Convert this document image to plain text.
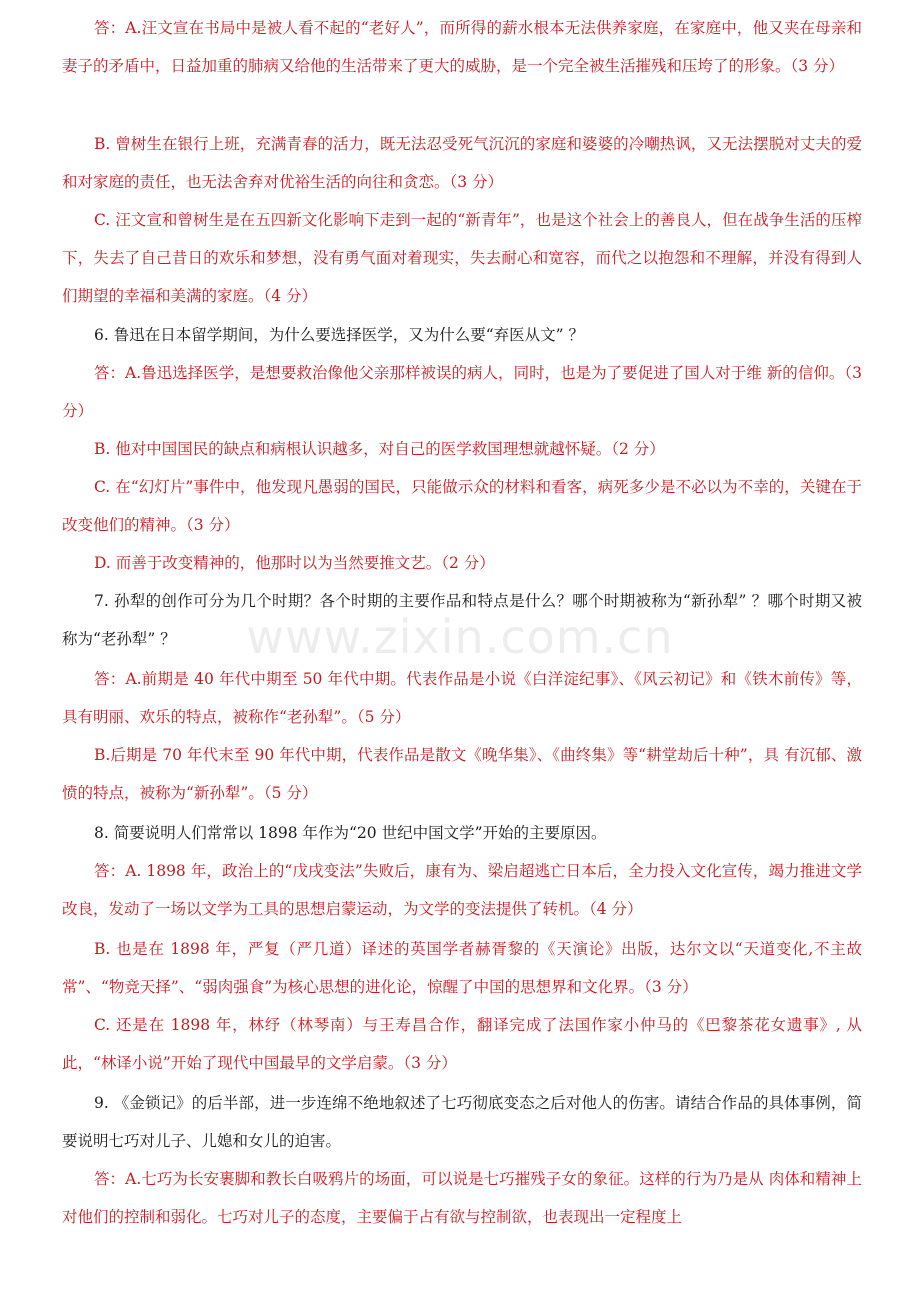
www.zixin.com.cn

答：A.汪文宣在书局中是被人看不起的“老好人”，而所得的薪水根本无法供养家庭，在家庭中，他又夹在母亲和妻子的矛盾中，日益加重的肺病又给他的生活带来了更大的威胁，是一个完全被生活摧残和压垮了的形象。（3 分）

B. 曾树生在银行上班，充满青春的活力，既无法忍受死气沉沉的家庭和婆婆的冷嘲热讽，又无法摆脱对丈夫的爱和对家庭的责任，也无法舍弃对优裕生活的向往和贪恋。（3 分）

C. 汪文宣和曾树生是在五四新文化影响下走到一起的“新青年”，也是这个社会上的善良人，但在战争生活的压榨下，失去了自己昔日的欢乐和梦想，没有勇气面对着现实，失去耐心和宽容，而代之以抱怨和不理解，并没有得到人们期望的幸福和美满的家庭。（4 分）

6. 鲁迅在日本留学期间，为什么要选择医学，又为什么要“弃医从文” ？

答：A.鲁迅选择医学，是想要救治像他父亲那样被误的病人，同时，也是为了要促进了国人对于维 新的信仰。（3 分）

B. 他对中国国民的缺点和病根认识越多，对自己的医学救国理想就越怀疑。（2 分）

C. 在“幻灯片”事件中，他发现凡愚弱的国民，只能做示众的材料和看客，病死多少是不必以为不幸的，关键在于改变他们的精神。（3 分）

D. 而善于改变精神的，他那时以为当然要推文艺。（2 分）

7. 孙犁的创作可分为几个时期？各个时期的主要作品和特点是什么？哪个时期被称为“新孙犁” ？哪个时期又被称为“老孙犁” ？

答：A.前期是 40 年代中期至 50 年代中期。代表作品是小说《白洋淀纪事》、《风云初记》和《铁木前传》等，具有明丽、欢乐的特点，被称作“老孙犁”。（5 分）

B.后期是 70 年代末至 90 年代中期，代表作品是散文《晚华集》、《曲终集》等“耕堂劫后十种”，具 有沉郁、激愤的特点，被称为“新孙犁”。（5 分）

8. 简要说明人们常常以 1898 年作为“20 世纪中国文学”开始的主要原因。

答：A. 1898 年，政治上的“戊戌变法”失败后，康有为、梁启超逃亡日本后，全力投入文化宣传，竭力推进文学改良，发动了一场以文学为工具的思想启蒙运动，为文学的变法提供了转机。（4 分）

B. 也是在 1898 年，严复（严几道）译述的英国学者赫胥黎的《天演论》出版，达尔文以“天道变化,不主故常”、“物竞天择”、“弱肉强食”为核心思想的进化论，惊醒了中国的思想界和文化界。（3 分）

C. 还是在 1898 年，林纾（林琴南）与王寿昌合作，翻译完成了法国作家小仲马的《巴黎茶花女遗事》, 从此，“林译小说”开始了现代中国最早的文学启蒙。（3 分）

9. 《金锁记》的后半部，进一步连绵不绝地叙述了七巧彻底变态之后对他人的伤害。请结合作品的具体事例，简要说明七巧对儿子、儿媳和女儿的迫害。

答：A.七巧为长安裹脚和教长白吸鸦片的场面，可以说是七巧摧残子女的象征。这样的行为乃是从 肉体和精神上对他们的控制和弱化。七巧对儿子的态度，主要偏于占有欲与控制欲，也表现出一定程度上
